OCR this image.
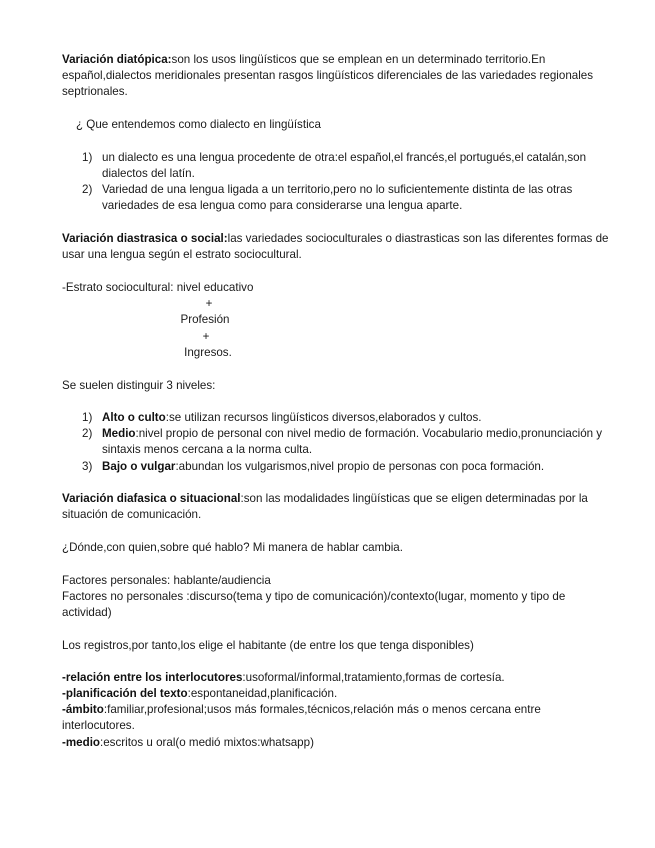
Variación diatópica:son los usos lingüísticos que se emplean en un determinado territorio.En español,dialectos meridionales presentan rasgos lingüísticos diferenciales de las variedades regionales septrionales.

¿ Que entendemos como dialecto en lingüística

1) un dialecto es una lengua procedente de otra:el español,el francés,el portugués,el catalán,son dialectos del latín.
2) Variedad de una lengua ligada a un territorio,pero no lo suficientemente distinta de las otras variedades de esa lengua como para considerarse una lengua aparte.

Variación diastrasica o social:las variedades socioculturales o diastrasticas son las diferentes formas de usar una lengua según el estrato sociocultural.

-Estrato sociocultural: nivel educativo

+
Profesión
+
Ingresos.

Se suelen distinguir 3 niveles:

1) Alto o culto:se utilizan recursos lingüísticos diversos,elaborados y cultos.
2) Medio:nivel propio de personal con nivel medio de formación. Vocabulario medio,pronunciación y sintaxis menos cercana a la norma culta.
3) Bajo o vulgar:abundan los vulgarismos,nivel propio de personas con poca formación.

Variación diafasica o situacional:son las modalidades lingüísticas que se eligen determinadas por la situación de comunicación.

¿Dónde,con quien,sobre qué hablo? Mi manera de hablar cambia.

Factores personales: hablante/audiencia

Factores no personales :discurso(tema y tipo de comunicación)/contexto(lugar, momento y tipo de actividad)

Los registros,por tanto,los elige el habitante (de entre los que tenga disponibles)

-relación entre los interlocutores:usoformal/informal,tratamiento,formas de cortesía.

-planificación del texto:espontaneidad,planificación.

-ámbito:familiar,profesional;usos más formales,técnicos,relación más o menos cercana entre interlocutores.

-medio:escritos u oral(o medió mixtos:whatsapp)
